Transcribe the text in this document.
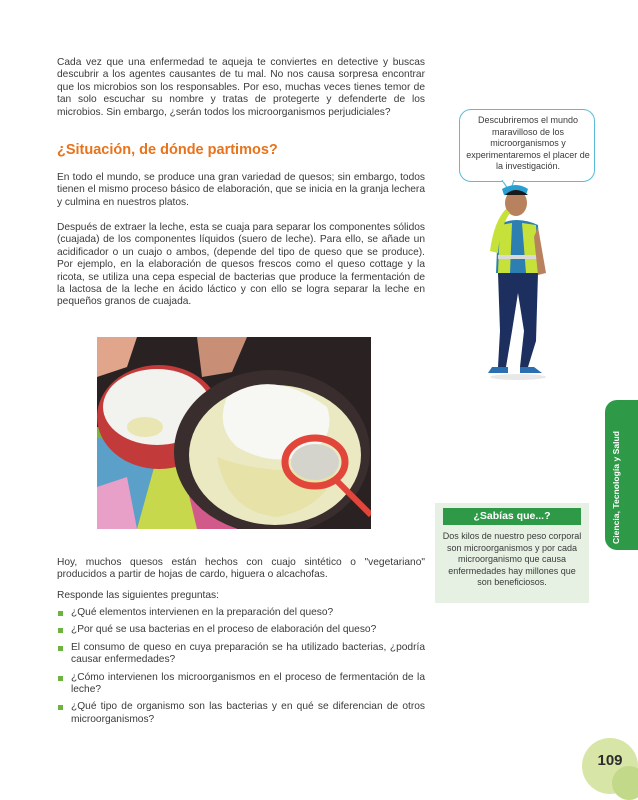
Cada vez que una enfermedad te aqueja te conviertes en detective y buscas descubrir a los agentes causantes de tu mal. No nos causa sorpresa encontrar que los microbios son los responsables. Por eso, muchas veces tienes temor de tan solo escuchar su nombre y tratas de protegerte y defenderte de los microbios. Sin embargo, ¿serán todos los microorganismos perjudiciales?

¿Situación, de dónde partimos?

En todo el mundo, se produce una gran variedad de quesos; sin embargo, todos tienen el mismo proceso básico de elaboración, que se inicia en la granja lechera y culmina en nuestros platos.

Después de extraer la leche, esta se cuaja para separar los componentes sólidos (cuajada) de los componentes líquidos (suero de leche). Para ello, se añade un acidificador o un cuajo o ambos, (depende del tipo de queso que se produce). Por ejemplo, en la elaboración de quesos frescos como el queso cottage y la ricota, se utiliza una cepa especial de bacterias que produce la fermentación de la lactosa de la leche en ácido láctico y con ello se logra separar la leche en pequeños granos de cuajada.

Hoy, muchos quesos están hechos con cuajo sintético o "vegetariano" producidos a partir de hojas de cardo, higuera o alcachofas.

Responde las siguientes preguntas:

¿Qué elementos intervienen en la preparación del queso?
¿Por qué se usa bacterias en el proceso de elaboración del queso?
El consumo de queso en cuya preparación se ha utilizado bacterias, ¿podría causar enfermedades?
¿Cómo intervienen los microorganismos en el proceso de fermentación de la leche?
¿Qué tipo de organismo son las bacterias y en qué se diferencian de otros microorganismos?
Descubriremos el mundo maravilloso de los microorganismos y experimentaremos el placer de la investigación.
¿Sabías que...?

Dos kilos de nuestro peso corporal son microorganismos y por cada microorganismo que causa enfermedades hay millones que son beneficiosos.

Ciencia, Tecnología y Salud
109
